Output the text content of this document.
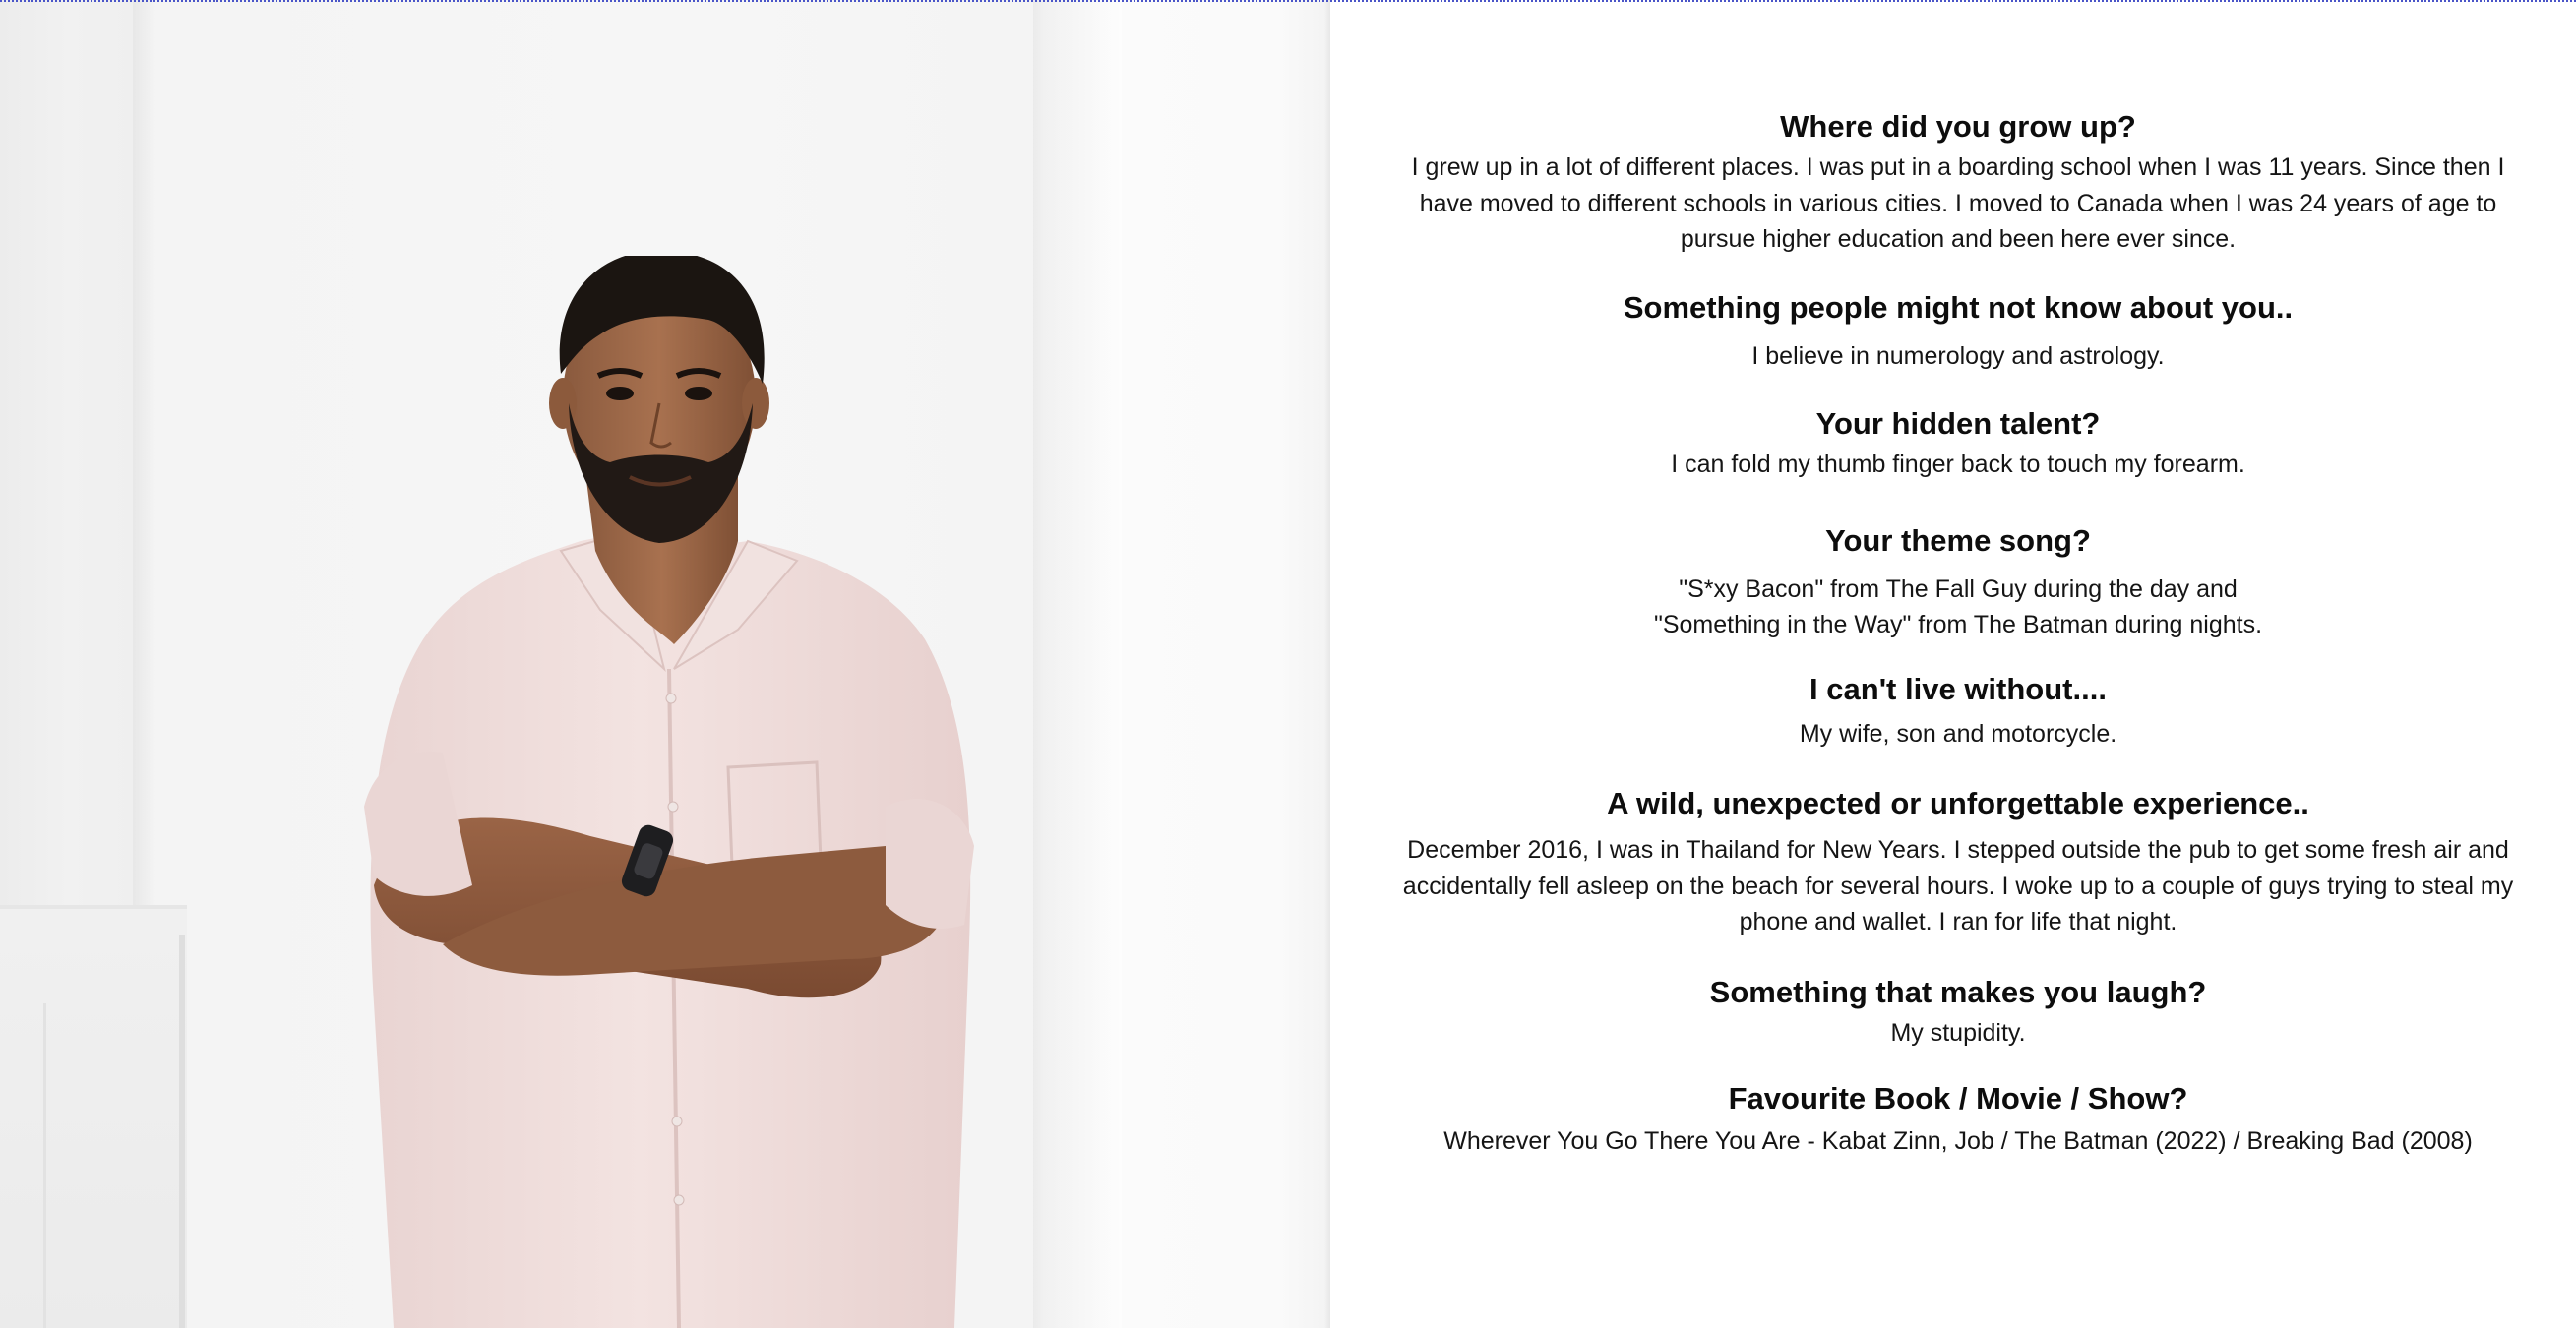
Where did you grow up?

I grew up in a lot of different places. I was put in a boarding school when I was 11 years. Since then I have moved to different schools in various cities. I moved to Canada when I was 24 years of age to pursue higher education and been here ever since.

Something people might not know about you..

I believe in numerology and astrology.

Your hidden talent?

I can fold my thumb finger back to touch my forearm.

Your theme song?

"S*xy Bacon" from The Fall Guy during the day and
"Something in the Way" from The Batman during nights.

I can't live without....

My wife, son and motorcycle.

A wild, unexpected or unforgettable experience..

December 2016, I was in Thailand for New Years. I stepped outside the pub to get some fresh air and accidentally fell asleep on the beach for several hours. I woke up to a couple of guys trying to steal my phone and wallet. I ran for life that night.

Something that makes you laugh?

My stupidity.

Favourite Book / Movie / Show?

Wherever You Go There You Are - Kabat Zinn, Job / The Batman (2022) / Breaking Bad (2008)
